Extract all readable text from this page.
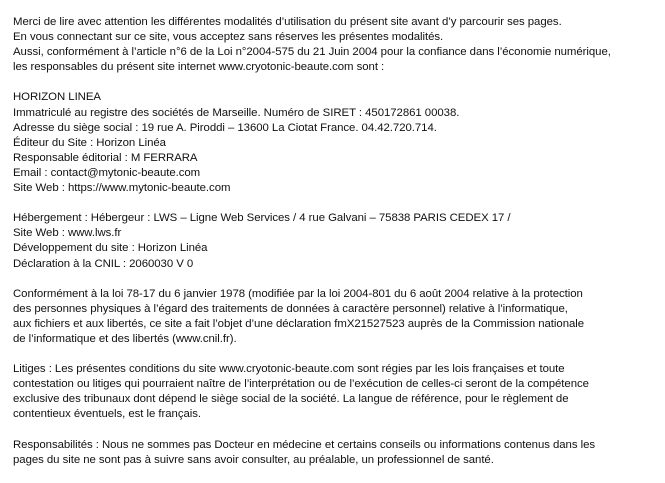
Merci de lire avec attention les différentes modalités d’utilisation du présent site avant d’y parcourir ses pages.
En vous connectant sur ce site, vous acceptez sans réserves les présentes modalités.
Aussi, conformément à l’article n°6 de la Loi n°2004-575 du 21 Juin 2004 pour la confiance dans l’économie numérique,
les responsables du présent site internet www.cryotonic-beaute.com sont :
HORIZON LINEA
Immatriculé au registre des sociétés de Marseille. Numéro de SIRET : 450172861 00038.
Adresse du siège social : 19 rue A. Piroddi – 13600 La Ciotat France. 04.42.720.714.
Éditeur du Site : Horizon Linéa
Responsable éditorial : M FERRARA
Email : contact@mytonic-beaute.com
Site Web : https://www.mytonic-beaute.com
Hébergement : Hébergeur : LWS – Ligne Web Services / 4 rue Galvani – 75838 PARIS CEDEX 17 /
Site Web : www.lws.fr
Développement du site : Horizon Linéa
Déclaration à la CNIL : 2060030 V 0
Conformément à la loi 78-17 du 6 janvier 1978 (modifiée par la loi 2004-801 du 6 août 2004 relative à la protection
des personnes physiques à l’égard des traitements de données à caractère personnel) relative à l’informatique,
aux fichiers et aux libertés, ce site a fait l’objet d’une déclaration fmX21527523 auprès de la Commission nationale
de l’informatique et des libertés (www.cnil.fr).
Litiges : Les présentes conditions du site www.cryotonic-beaute.com sont régies par les lois françaises et toute
contestation ou litiges qui pourraient naître de l’interprétation ou de l’exécution de celles-ci seront de la compétence
exclusive des tribunaux dont dépend le siège social de la société. La langue de référence, pour le règlement de
contentieux éventuels, est le français.
Responsabilités : Nous ne sommes pas Docteur en médecine et certains conseils ou informations contenus dans les
pages du site ne sont pas à suivre sans avoir consulter, au préalable, un professionnel de santé.
